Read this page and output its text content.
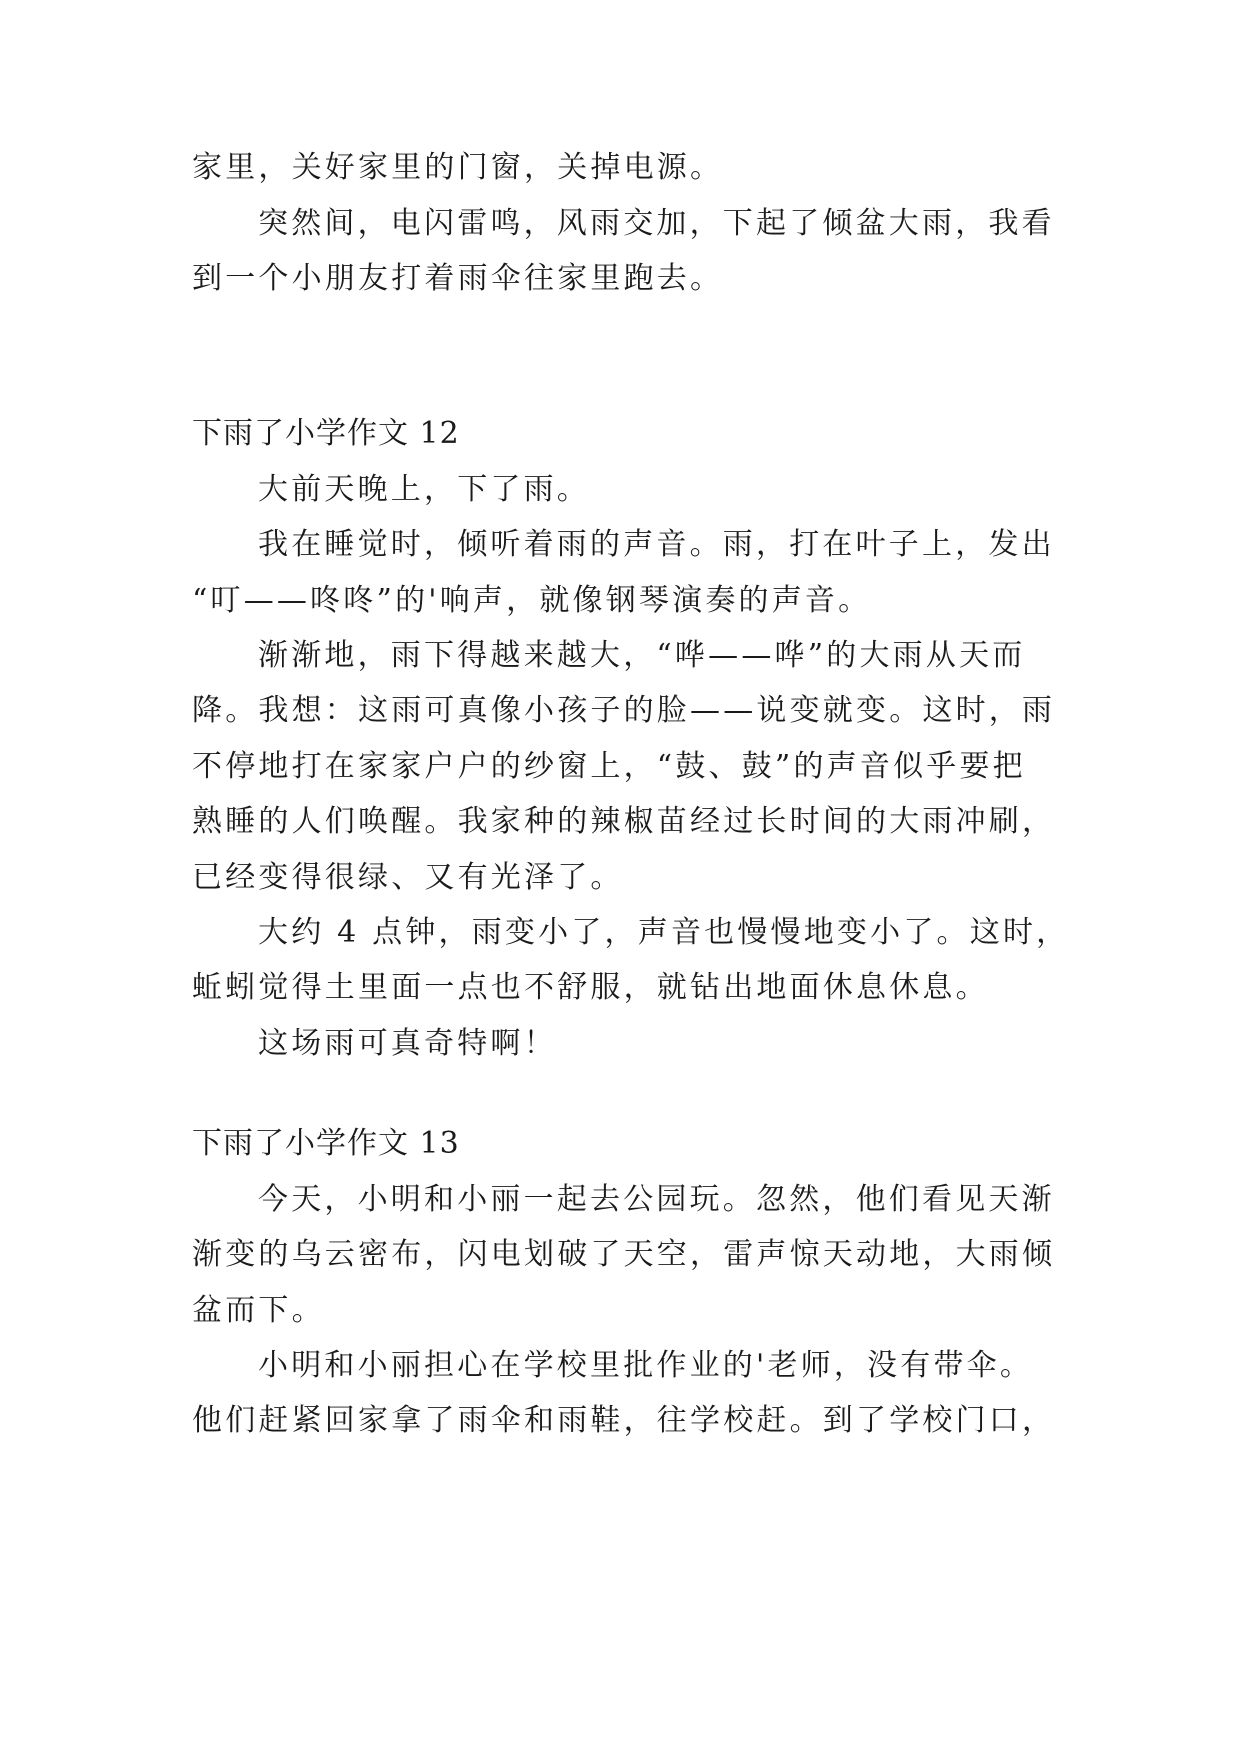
家里，关好家里的门窗，关掉电源。
突然间，电闪雷鸣，风雨交加，下起了倾盆大雨，我看
到一个小朋友打着雨伞往家里跑去。
下雨了小学作文 12
大前天晚上，下了雨。
我在睡觉时，倾听着雨的声音。雨，打在叶子上，发出
“叮——咚咚”的'响声，就像钢琴演奏的声音。
渐渐地，雨下得越来越大，“哗——哗”的大雨从天而
降。我想：这雨可真像小孩子的脸——说变就变。这时，雨
不停地打在家家户户的纱窗上，“鼓、鼓”的声音似乎要把
熟睡的人们唤醒。我家种的辣椒苗经过长时间的大雨冲刷，
已经变得很绿、又有光泽了。
大约 4 点钟，雨变小了，声音也慢慢地变小了。这时，
蚯蚓觉得土里面一点也不舒服，就钻出地面休息休息。
这场雨可真奇特啊！
下雨了小学作文 13
今天，小明和小丽一起去公园玩。忽然，他们看见天渐
渐变的乌云密布，闪电划破了天空，雷声惊天动地，大雨倾
盆而下。
小明和小丽担心在学校里批作业的'老师，没有带伞。
他们赶紧回家拿了雨伞和雨鞋，往学校赶。到了学校门口，
